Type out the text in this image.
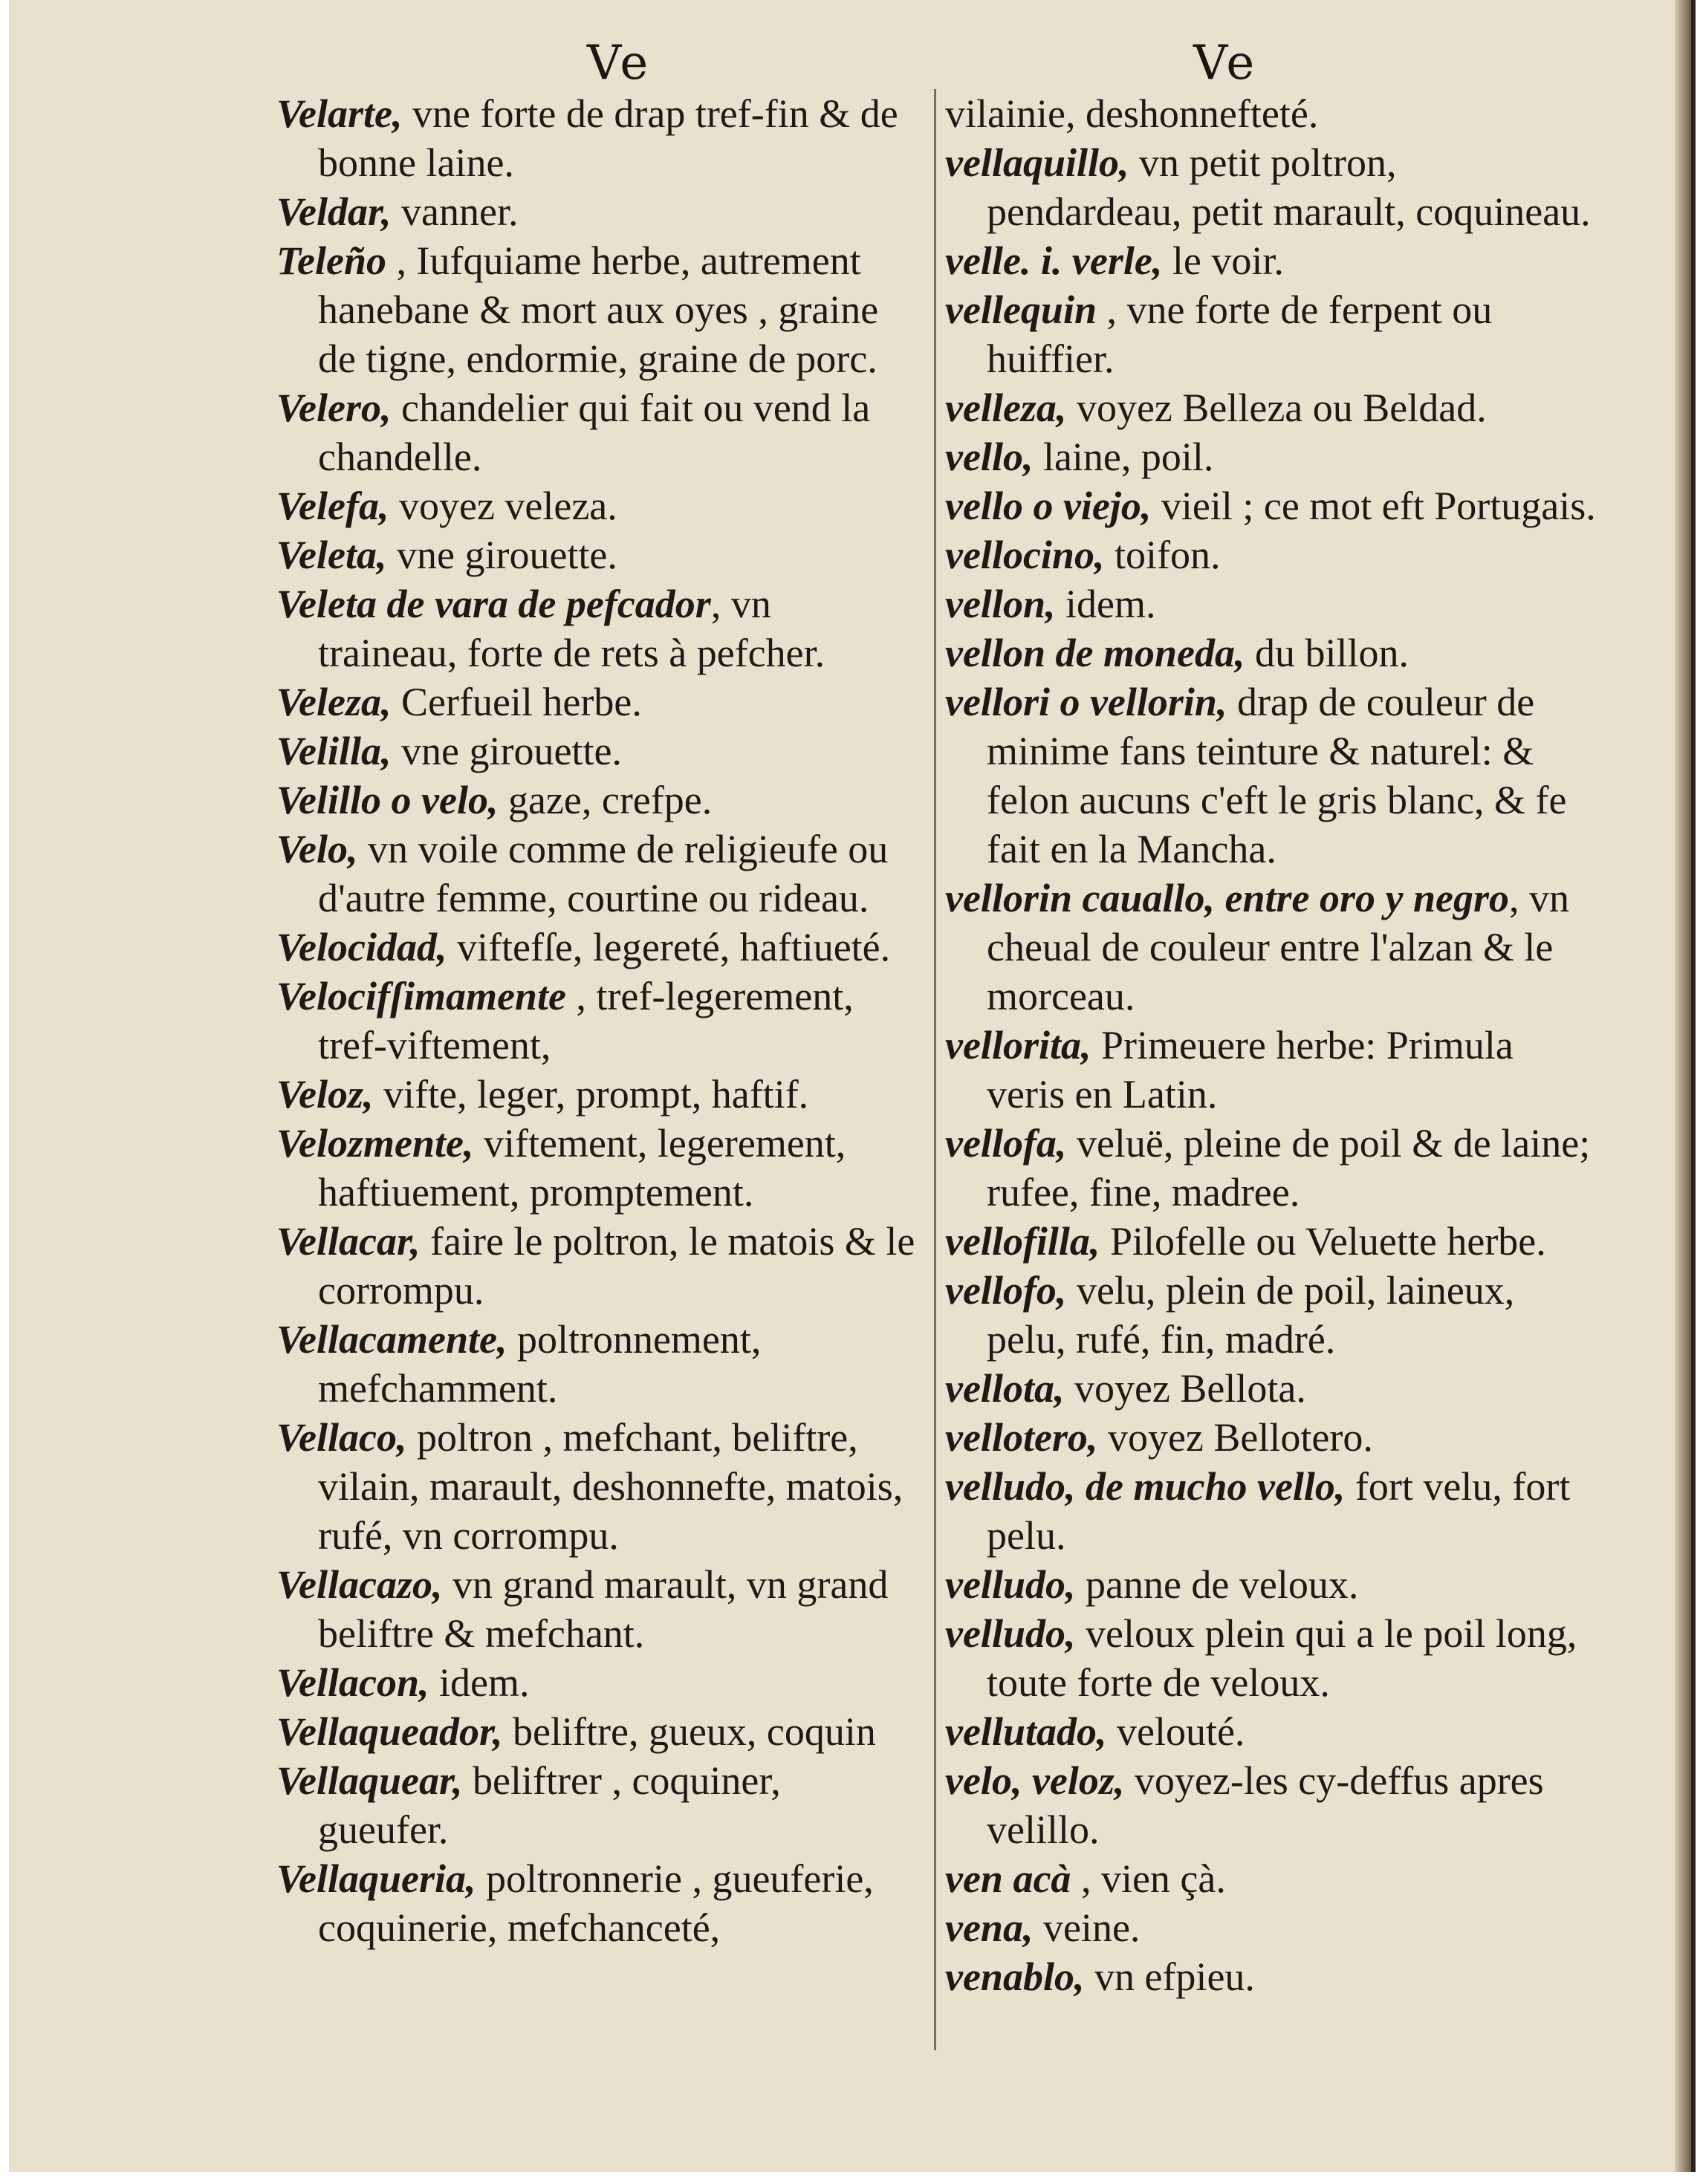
Ve	Ve

Velarte, vne forte de drap tref-fin & de bonne laine.

Veldar, vanner.

Teleño , Iufquiame herbe, autrement hanebane & mort aux oyes , graine de tigne, endormie, graine de porc.

Velero, chandelier qui fait ou vend la chandelle.

Velefa, voyez veleza.

Veleta, vne girouette.

Veleta de vara de pefcador, vn traineau, forte de rets à pefcher.

Veleza, Cerfueil herbe.

Velilla, vne girouette.

Velillo o velo, gaze, crefpe.

Velo, vn voile comme de religieufe ou d'autre femme, courtine ou rideau.

Velocidad, viftefſe, legereté, haftiueté.

Velocifſimamente , tref-legerement, tref-viftement,

Veloz, vifte, leger, prompt, haftif.

Velozmente, viftement, legerement, haftiuement, promptement.

Vellacar, faire le poltron, le matois & le corrompu.

Vellacamente, poltronnement, mefchamment.

Vellaco, poltron , mefchant, beliftre, vilain, marault, deshonnefte, matois, rufé, vn corrompu.

Vellacazo, vn grand marault, vn grand beliftre & mefchant.

Vellacon, idem.

Vellaqueador, beliftre, gueux, coquin

Vellaquear, beliftrer , coquiner, gueufer.

Vellaqueria, poltronnerie , gueuferie, coquinerie, mefchanceté,

vilainie, deshonnefteté.

vellaquillo, vn petit poltron, pendardeau, petit marault, coquineau.

velle. i. verle, le voir.

vellequin , vne forte de ferpent ou huiffier.

velleza, voyez Belleza ou Beldad.

vello, laine, poil.

vello o viejo, vieil ; ce mot eft Portugais.

vellocino, toifon.

vellon, idem.

vellon de moneda, du billon.

vellori o vellorin, drap de couleur de minime fans teinture & naturel: & felon aucuns c'eft le gris blanc, & fe fait en la Mancha.

vellorin cauallo, entre oro y negro, vn cheual de couleur entre l'alzan & le morceau.

vellorita, Primeuere herbe: Primula veris en Latin.

vellofa, veluë, pleine de poil & de laine; rufee, fine, madree.

vellofilla, Pilofelle ou Veluette herbe.

vellofo, velu, plein de poil, laineux, pelu, rufé, fin, madré.

vellota, voyez Bellota.

vellotero, voyez Bellotero.

velludo, de mucho vello, fort velu, fort pelu.

velludo, panne de veloux.

velludo, veloux plein qui a le poil long, toute forte de veloux.

vellutado, velouté.

velo, veloz, voyez-les cy-deffus apres velillo.

ven acà , vien çà.

vena, veine.

venablo, vn efpieu.
